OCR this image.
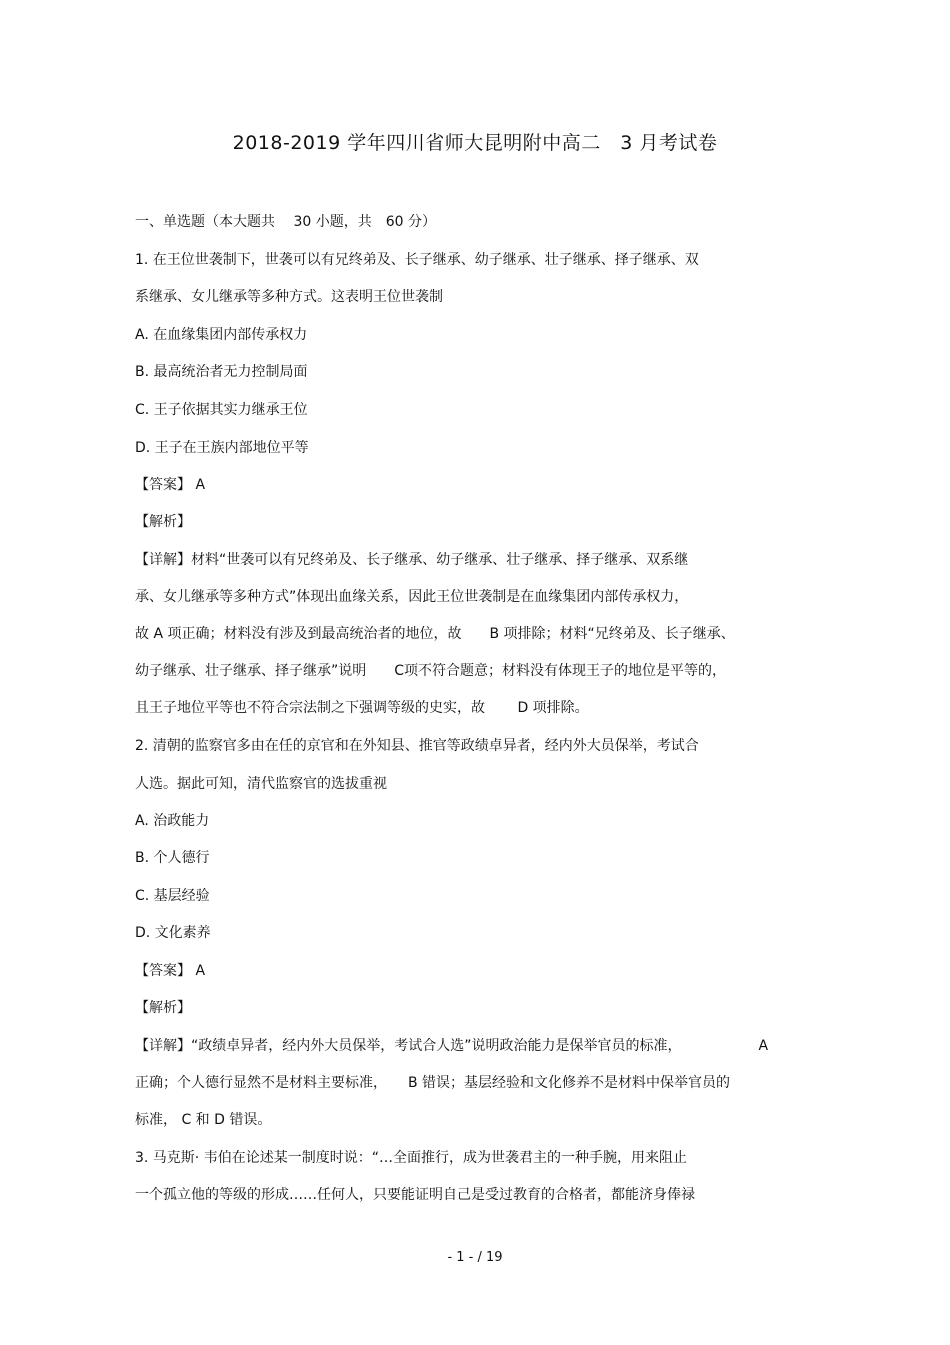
2018-2019 学年四川省师大昆明附中高二　3 月考试卷
一、单选题（本大题共　 30 小题，共　60 分）
1. 在王位世袭制下，世袭可以有兄终弟及、长子继承、幼子继承、壮子继承、择子继承、双
系继承、女儿继承等多种方式。这表明王位世袭制
A. 在血缘集团内部传承权力
B. 最高统治者无力控制局面
C. 王子依据其实力继承王位
D. 王子在王族内部地位平等
【答案】 A
【解析】
【详解】材料“世袭可以有兄终弟及、长子继承、幼子继承、壮子继承、择子继承、双系继
承、女儿继承等多种方式”体现出血缘关系，因此王位世袭制是在血缘集团内部传承权力，
故 A 项正确；材料没有涉及到最高统治者的地位，故　　B 项排除；材料“兄终弟及、长子继承、
幼子继承、壮子继承、择子继承”说明　　C项不符合题意；材料没有体现王子的地位是平等的，
且王子地位平等也不符合宗法制之下强调等级的史实，故　　 D 项排除。
2. 清朝的监察官多由在任的京官和在外知县、推官等政绩卓异者，经内外大员保举，考试合
人选。据此可知，清代监察官的选拔重视
A. 治政能力
B. 个人德行
C. 基层经验
D. 文化素养
【答案】 A
【解析】
【详解】“政绩卓异者，经内外大员保举，考试合人选”说明政治能力是保举官员的标准，　　　　　　A
正确；个人德行显然不是材料主要标准，　　B 错误；基层经验和文化修养不是材料中保举官员的
标准， C 和 D 错误。
3. 马克斯· 韦伯在论述某一制度时说：“…全面推行，成为世袭君主的一种手腕，用来阻止
一个孤立他的等级的形成……任何人，只要能证明自己是受过教育的合格者，都能济身俸禄
- 1 - / 19
